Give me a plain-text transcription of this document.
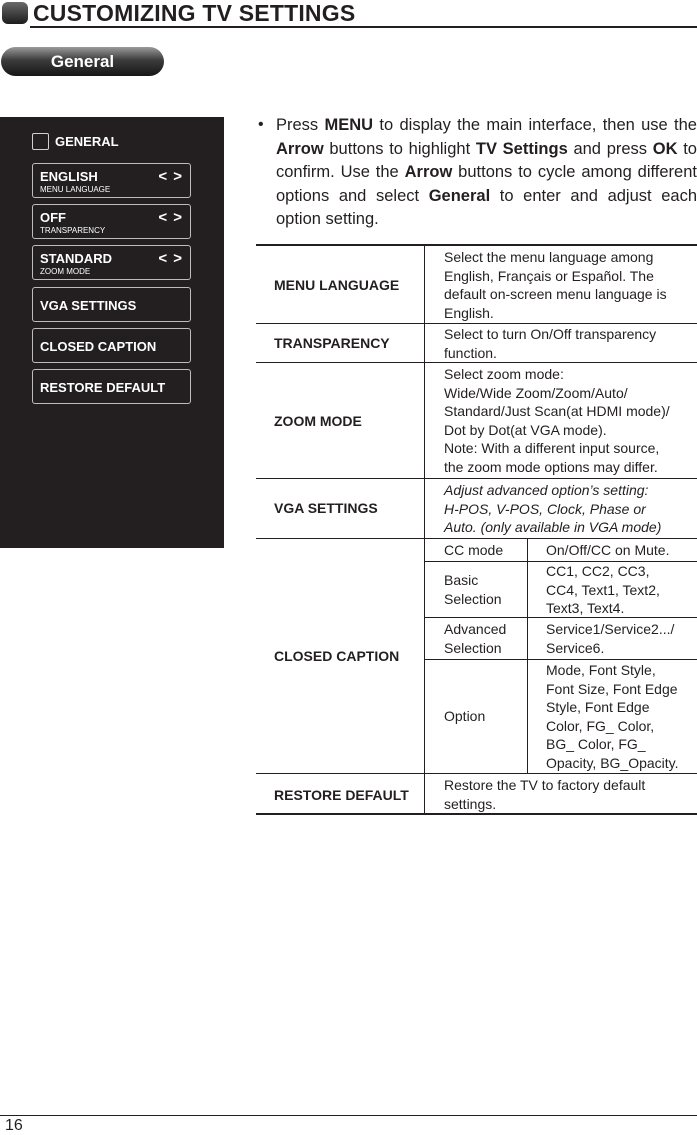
CUSTOMIZING TV SETTINGS
General
GENERAL
ENGLISH
MENU LANGUAGE
< >
OFF
TRANSPARENCY
< >
STANDARD
ZOOM MODE
< >
VGA SETTINGS
CLOSED CAPTION
RESTORE DEFAULT
• Press MENU to display the main interface, then use the Arrow buttons to highlight TV Settings and press OK to confirm. Use the Arrow buttons to cycle among different options and select General to enter and adjust each option setting.

MENU LANGUAGE
TRANSPARENCY
ZOOM MODE
VGA SETTINGS
CLOSED CAPTION
RESTORE DEFAULT
Select the menu language among
English, Français or Español. The
default on-screen menu language is
English.
Select to turn On/Off transparency
function.
Select zoom mode:
Wide/Wide Zoom/Zoom/Auto/
Standard/Just Scan(at HDMI mode)/
Dot by Dot(at VGA mode).
Note: With a different input source,
the zoom mode options may differ.
Adjust advanced option’s setting:
H-POS, V-POS, Clock, Phase or
Auto. (only available in VGA mode)
Restore the TV to factory default
settings.
CC mode	On/Off/CC on Mute.
Basic
Selection
CC1, CC2, CC3,
CC4, Text1, Text2,
Text3, Text4.
Advanced
Selection
Service1/Service2.../
Service6.
Option
Mode, Font Style,
Font Size, Font Edge
Style, Font Edge
Color, FG_ Color,
BG_ Color, FG_
Opacity, BG_Opacity.
16
